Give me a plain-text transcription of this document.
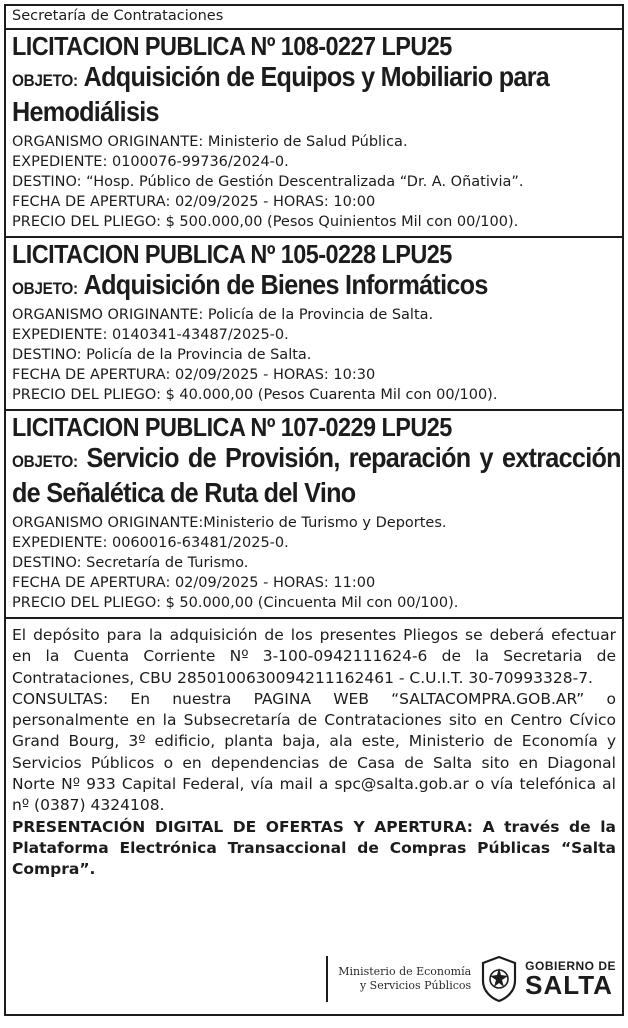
Secretaría de Contrataciones
LICITACION PUBLICA Nº 108-0227 LPU25
OBJETO: Adquisición de Equipos y Mobiliario para Hemodiálisis
ORGANISMO ORIGINANTE: Ministerio de Salud Pública.
EXPEDIENTE: 0100076-99736/2024-0.
DESTINO: “Hosp. Público de Gestión Descentralizada “Dr. A. Oñativia”.
FECHA DE APERTURA: 02/09/2025 - HORAS: 10:00
PRECIO DEL PLIEGO: $ 500.000,00 (Pesos Quinientos Mil con 00/100).
LICITACION PUBLICA Nº 105-0228 LPU25
OBJETO: Adquisición de Bienes Informáticos
ORGANISMO ORIGINANTE: Policía de la Provincia de Salta.
EXPEDIENTE: 0140341-43487/2025-0.
DESTINO: Policía de la Provincia de Salta.
FECHA DE APERTURA: 02/09/2025 - HORAS: 10:30
PRECIO DEL PLIEGO: $ 40.000,00 (Pesos Cuarenta Mil con 00/100).
LICITACION PUBLICA Nº 107-0229 LPU25
OBJETO: Servicio de Provisión, reparación y extracción de Señalética de Ruta del Vino
ORGANISMO ORIGINANTE:Ministerio de Turismo y Deportes.
EXPEDIENTE: 0060016-63481/2025-0.
DESTINO: Secretaría de Turismo.
FECHA DE APERTURA: 02/09/2025 - HORAS: 11:00
PRECIO DEL PLIEGO: $ 50.000,00 (Cincuenta Mil con 00/100).

El depósito para la adquisición de los presentes Pliegos se deberá efectuar en la Cuenta Corriente Nº 3-100-0942111624-6 de la Secretaria de Contrataciones, CBU 2850100630094211162461 - C.U.I.T. 30-70993328-7.

CONSULTAS: En nuestra PAGINA WEB “SALTACOMPRA.GOB.AR” o personalmente en la Subsecretaría de Contrataciones sito en Centro Cívico Grand Bourg, 3º edificio, planta baja, ala este, Ministerio de Economía y Servicios Públicos o en dependencias de Casa de Salta sito en Diagonal Norte Nº 933 Capital Federal, vía mail a spc@salta.gob.ar o vía telefónica al nº (0387) 4324108.

PRESENTACIÓN DIGITAL DE OFERTAS Y APERTURA: A través de la Plataforma Electrónica Transaccional de Compras Públicas “Salta Compra”.

Ministerio de Economía
y Servicios Públicos
GOBIERNO DE
SALTA
